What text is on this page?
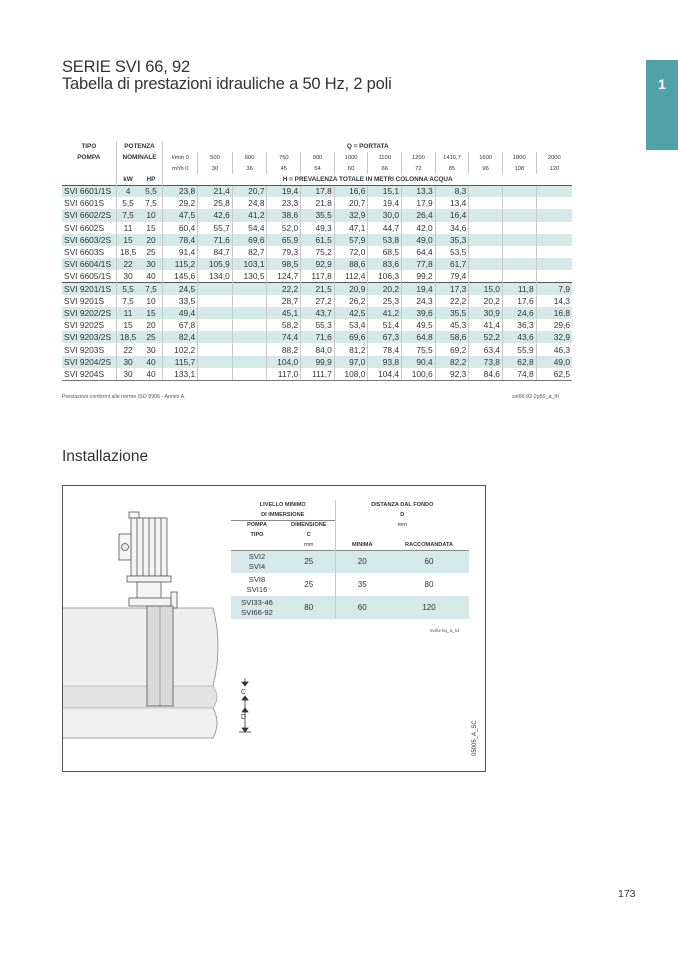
1
SERIE SVI 66, 92
Tabella di prestazioni idrauliche a 50 Hz, 2 poli
TIPO	POTENZA		Q = PORTATA											
POMPA	NOMINALE		l/min 0	500	600	750	900	1000	1100	1200	1416,7	1600	1800	2000
			m³/h 0	30	36	45	54	60	66	72	85	96	108	120
	kW	HP	H = PREVALENZA TOTALE IN METRI COLONNA ACQUA											
SVI 6601/1S	4	5,5	23,8	21,4	20,7	19,4	17,8	16,6	15,1	13,3	8,3			
SVI 6601S	5,5	7,5	29,2	25,8	24,8	23,3	21,8	20,7	19,4	17,9	13,4			
SVI 6602/2S	7,5	10	47,5	42,6	41,2	38,6	35,5	32,9	30,0	26,4	16,4			
SVI 6602S	11	15	60,4	55,7	54,4	52,0	49,3	47,1	44,7	42,0	34,6			
SVI 6603/2S	15	20	78,4	71,6	69,6	65,9	61,5	57,9	53,8	49,0	35,3			
SVI 6603S	18,5	25	91,4	84,7	82,7	79,3	75,2	72,0	68,5	64,4	53,5			
SVI 6604/1S	22	30	115,2	105,9	103,1	98,5	92,9	88,6	83,6	77,8	61,7			
SVI 6605/1S	30	40	145,6	134,0	130,5	124,7	117,8	112,4	106,3	99,2	79,4			
SVI 9201/1S	5,5	7,5	24,5			22,2	21,5	20,9	20,2	19,4	17,3	15,0	11,8	7,9
SVI 9201S	7,5	10	33,5			28,7	27,2	26,2	25,3	24,3	22,2	20,2	17,6	14,3
SVI 9202/2S	11	15	49,4			45,1	43,7	42,5	41,2	39,6	35,5	30,9	24,6	16,8
SVI 9202S	15	20	67,8			58,2	55,3	53,4	51,4	49,5	45,3	41,4	36,3	29,6
SVI 9203/2S	18,5	25	82,4			74,4	71,6	69,6	67,3	64,8	58,6	52,2	43,6	32,9
SVI 9203S	22	30	102,2			88,2	84,0	81,2	78,4	75,5	69,2	63,4	55,9	46,3
SVI 9204/2S	30	40	115,7			104,0	99,9	97,0	93,8	90,4	82,2	73,8	62,8	49,0
SVI 9204S	30	40	133,1			117,0	111,7	108,0	104,4	100,6	92,3	84,6	74,8	62,5
Prestazioni conformi alle norme ISO 9906 - Annex A.	svi66-92-2p50_a_th
Installazione
C
D
LIVELLO MINIMO		DISTANZA DAL FONDO	
DI IMMERSIONE		D	
POMPA	DIMENSIONE	mm	
TIPO	C		
	mm	MINIMA	RACCOMANDATA
SVI2
SVI4	25	20	60
SVI8
SVI16	25	35	80
SVI33-46
SVI66-92	80	60	120
svi/ix-liq_a_td
05005_A_SC
173
